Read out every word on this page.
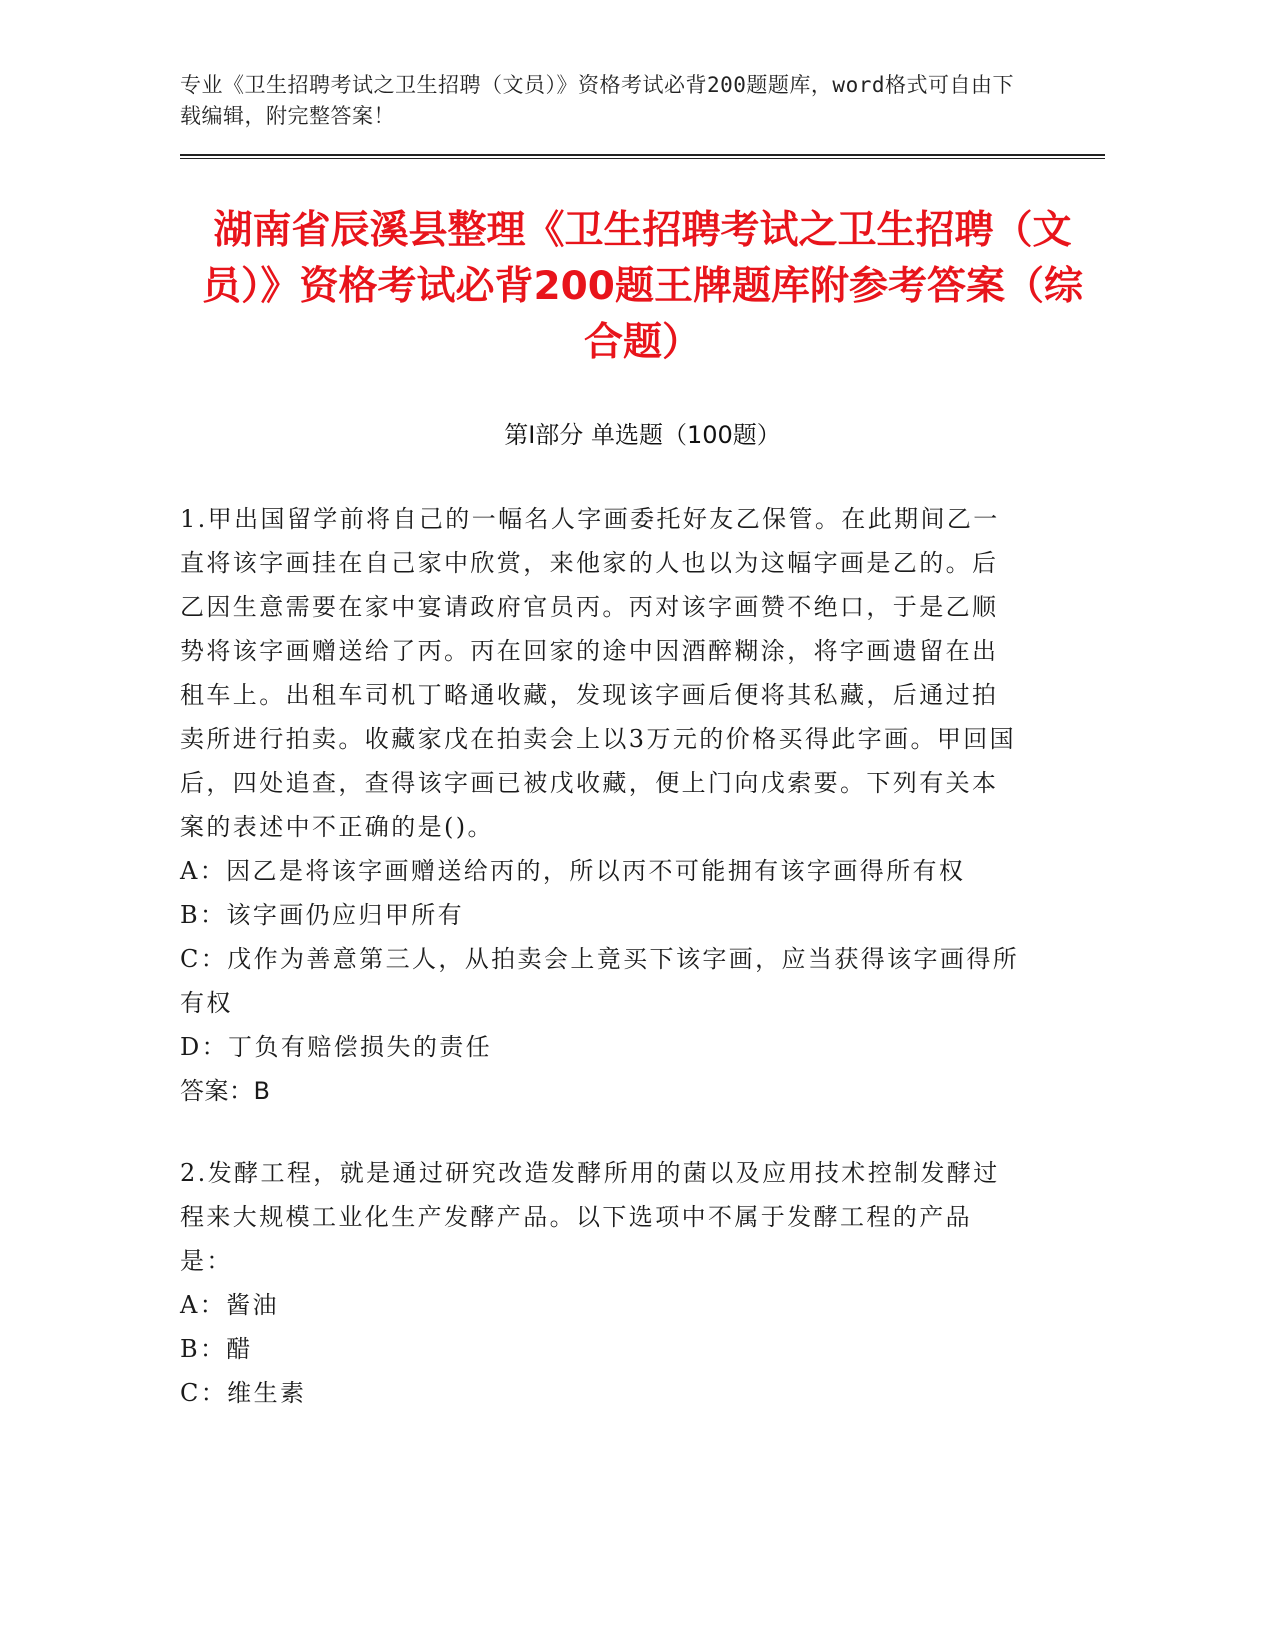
专业《卫生招聘考试之卫生招聘（文员）》资格考试必背200题题库，word格式可自由下载编辑，附完整答案！

湖南省辰溪县整理《卫生招聘考试之卫生招聘（文员）》资格考试必背200题王牌题库附参考答案（综合题）
第Ⅰ部分 单选题（100题）

1.甲出国留学前将自己的一幅名人字画委托好友乙保管。在此期间乙一直将该字画挂在自己家中欣赏，来他家的人也以为这幅字画是乙的。后乙因生意需要在家中宴请政府官员丙。丙对该字画赞不绝口，于是乙顺势将该字画赠送给了丙。丙在回家的途中因酒醉糊涂，将字画遗留在出租车上。出租车司机丁略通收藏，发现该字画后便将其私藏，后通过拍卖所进行拍卖。收藏家戊在拍卖会上以3万元的价格买得此字画。甲回国后，四处追查，查得该字画已被戊收藏，便上门向戊索要。下列有关本案的表述中不正确的是()。

A：因乙是将该字画赠送给丙的，所以丙不可能拥有该字画得所有权

B：该字画仍应归甲所有

C：戊作为善意第三人，从拍卖会上竟买下该字画，应当获得该字画得所有权

D：丁负有赔偿损失的责任

答案：B

2.发酵工程，就是通过研究改造发酵所用的菌以及应用技术控制发酵过程来大规模工业化生产发酵产品。以下选项中不属于发酵工程的产品是：

A：酱油

B：醋

C：维生素
